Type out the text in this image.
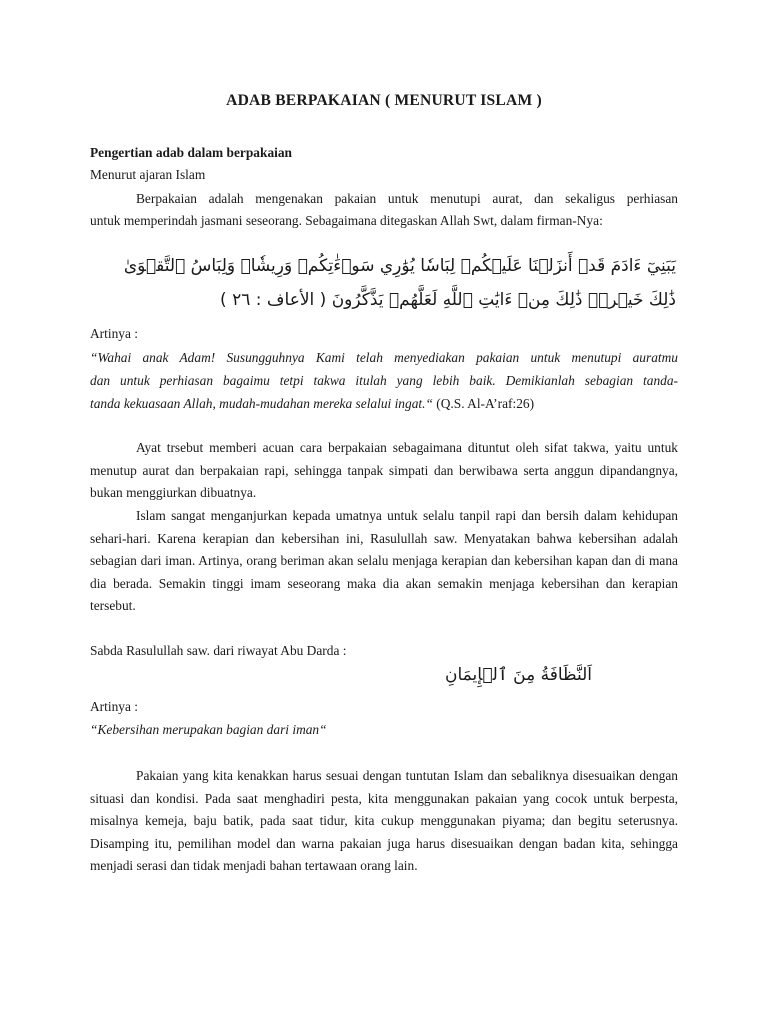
ADAB BERPAKAIAN ( MENURUT ISLAM )
Pengertian adab dalam berpakaian
Menurut ajaran Islam
Berpakaian adalah mengenakan pakaian untuk menutupi aurat, dan sekaligus perhiasan
untuk memperindah jasmani seseorang. Sebagaimana ditegaskan Allah Swt, dalam firman-Nya:
يَبَنِيٓ ءَادَمَ قَدۡ أَنزَلۡنَا عَلَيۡكُمۡ لِبَاسٗا يُوَٰرِي سَوۡءَٰتِكُمۡ وَرِيشٗاۖ وَلِبَاسُ ٱلتَّقۡوَىٰ
ذَٰلِكَ خَيۡرٞۚ ذَٰلِكَ مِنۡ ءَايَٰتِ ٱللَّهِ لَعَلَّهُمۡ يَذَّكَّرُونَ ( الأعاف : ٢٦ )
Artinya :
“Wahai anak Adam! Susungguhnya Kami telah menyediakan pakaian untuk menutupi auratmu
dan untuk perhiasan bagaimu tetpi takwa itulah yang lebih baik. Demikianlah sebagian tanda-
tanda kekuasaan Allah, mudah-mudahan mereka selalui ingat.“ (Q.S. Al-A’raf:26)

Ayat trsebut memberi acuan cara berpakaian sebagaimana dituntut oleh sifat takwa, yaitu untuk menutup aurat dan berpakaian rapi, sehingga tanpak simpati dan berwibawa serta anggun dipandangnya, bukan menggiurkan dibuatnya.

Islam sangat menganjurkan kepada umatnya untuk selalu tanpil rapi dan bersih dalam kehidupan sehari-hari. Karena kerapian dan kebersihan ini, Rasulullah saw. Menyatakan bahwa kebersihan adalah sebagian dari iman. Artinya, orang beriman akan selalu menjaga kerapian dan kebersihan kapan dan di mana dia berada. Semakin tinggi imam seseorang maka dia akan semakin menjaga kebersihan dan kerapian tersebut.

Sabda Rasulullah saw. dari riwayat Abu Darda :
اَلنَّظَافَةُ مِنَ ٱلۡإِيمَانِ
Artinya :
“Kebersihan merupakan bagian dari iman“

Pakaian yang kita kenakkan harus sesuai dengan tuntutan Islam dan sebaliknya disesuaikan dengan situasi dan kondisi. Pada saat menghadiri pesta, kita menggunakan pakaian yang cocok untuk berpesta, misalnya kemeja, baju batik, pada saat tidur, kita cukup menggunakan piyama; dan begitu seterusnya. Disamping itu, pemilihan model dan warna pakaian juga harus disesuaikan dengan badan kita, sehingga menjadi serasi dan tidak menjadi bahan tertawaan orang lain.
